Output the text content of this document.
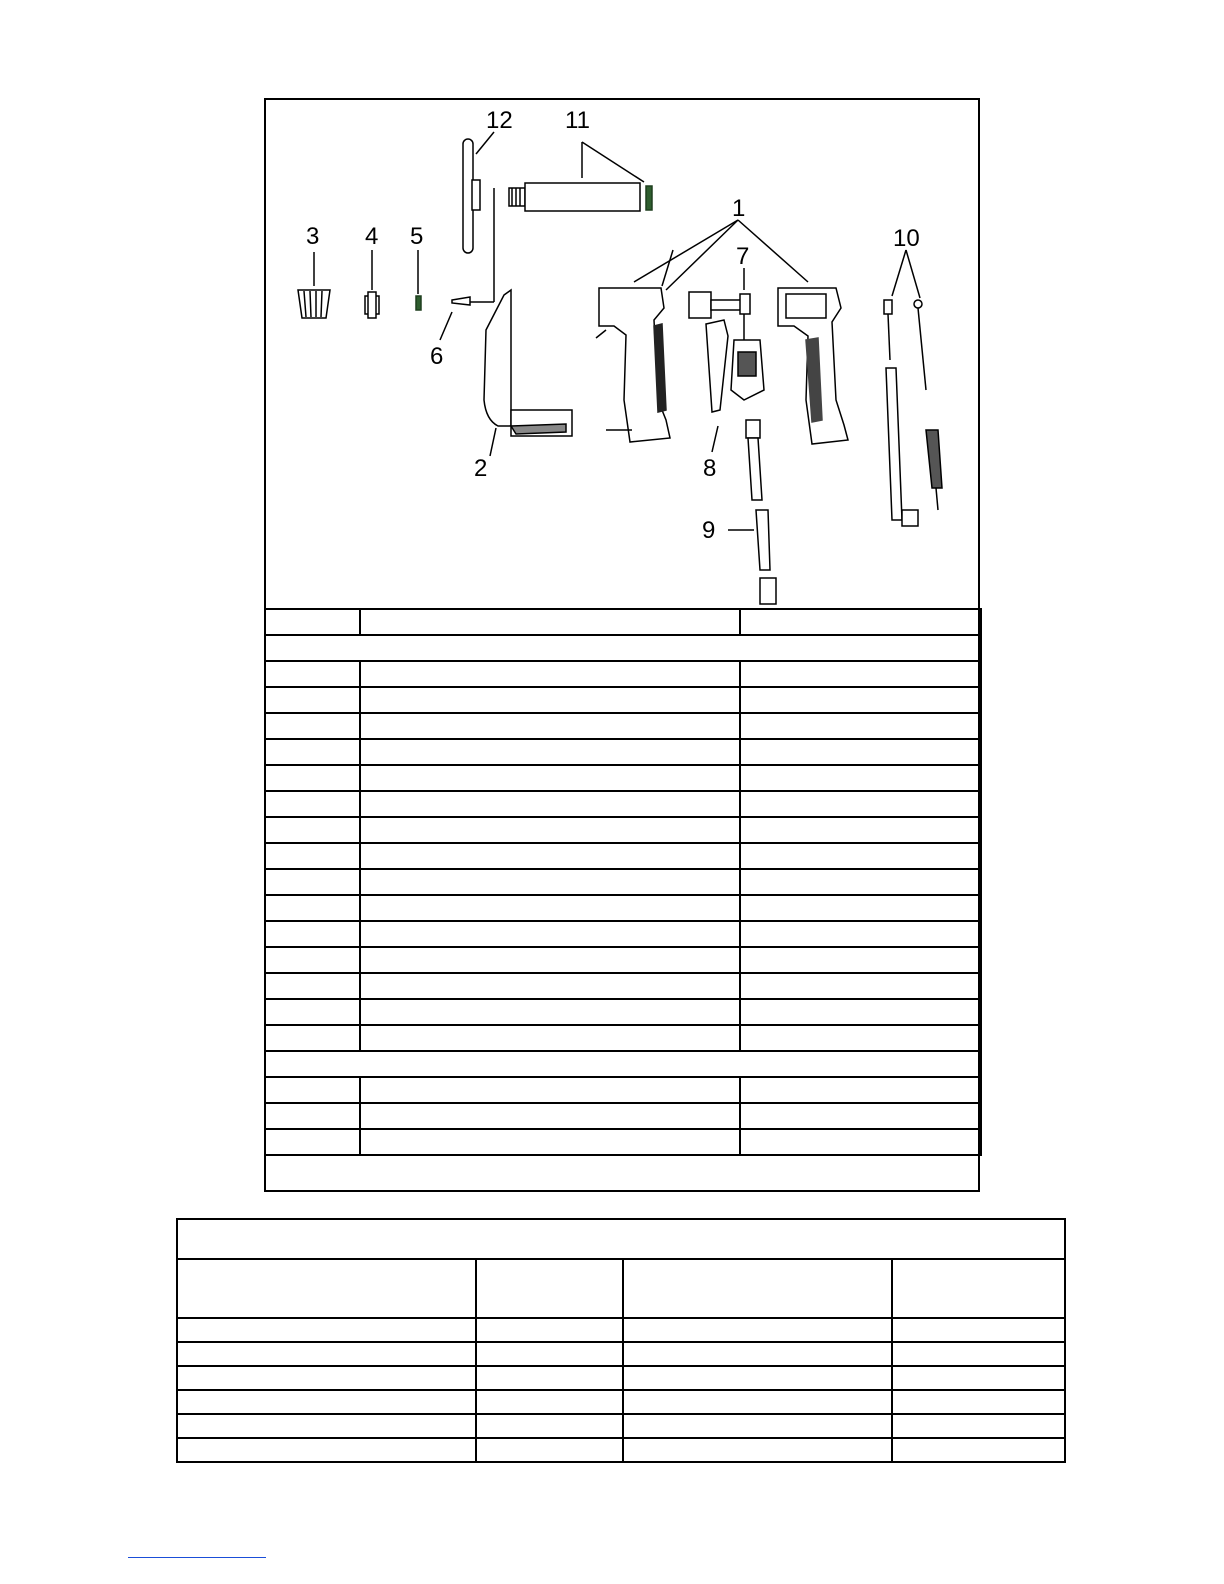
1
2
3 4 5
6
7
8
9
10
11
12
